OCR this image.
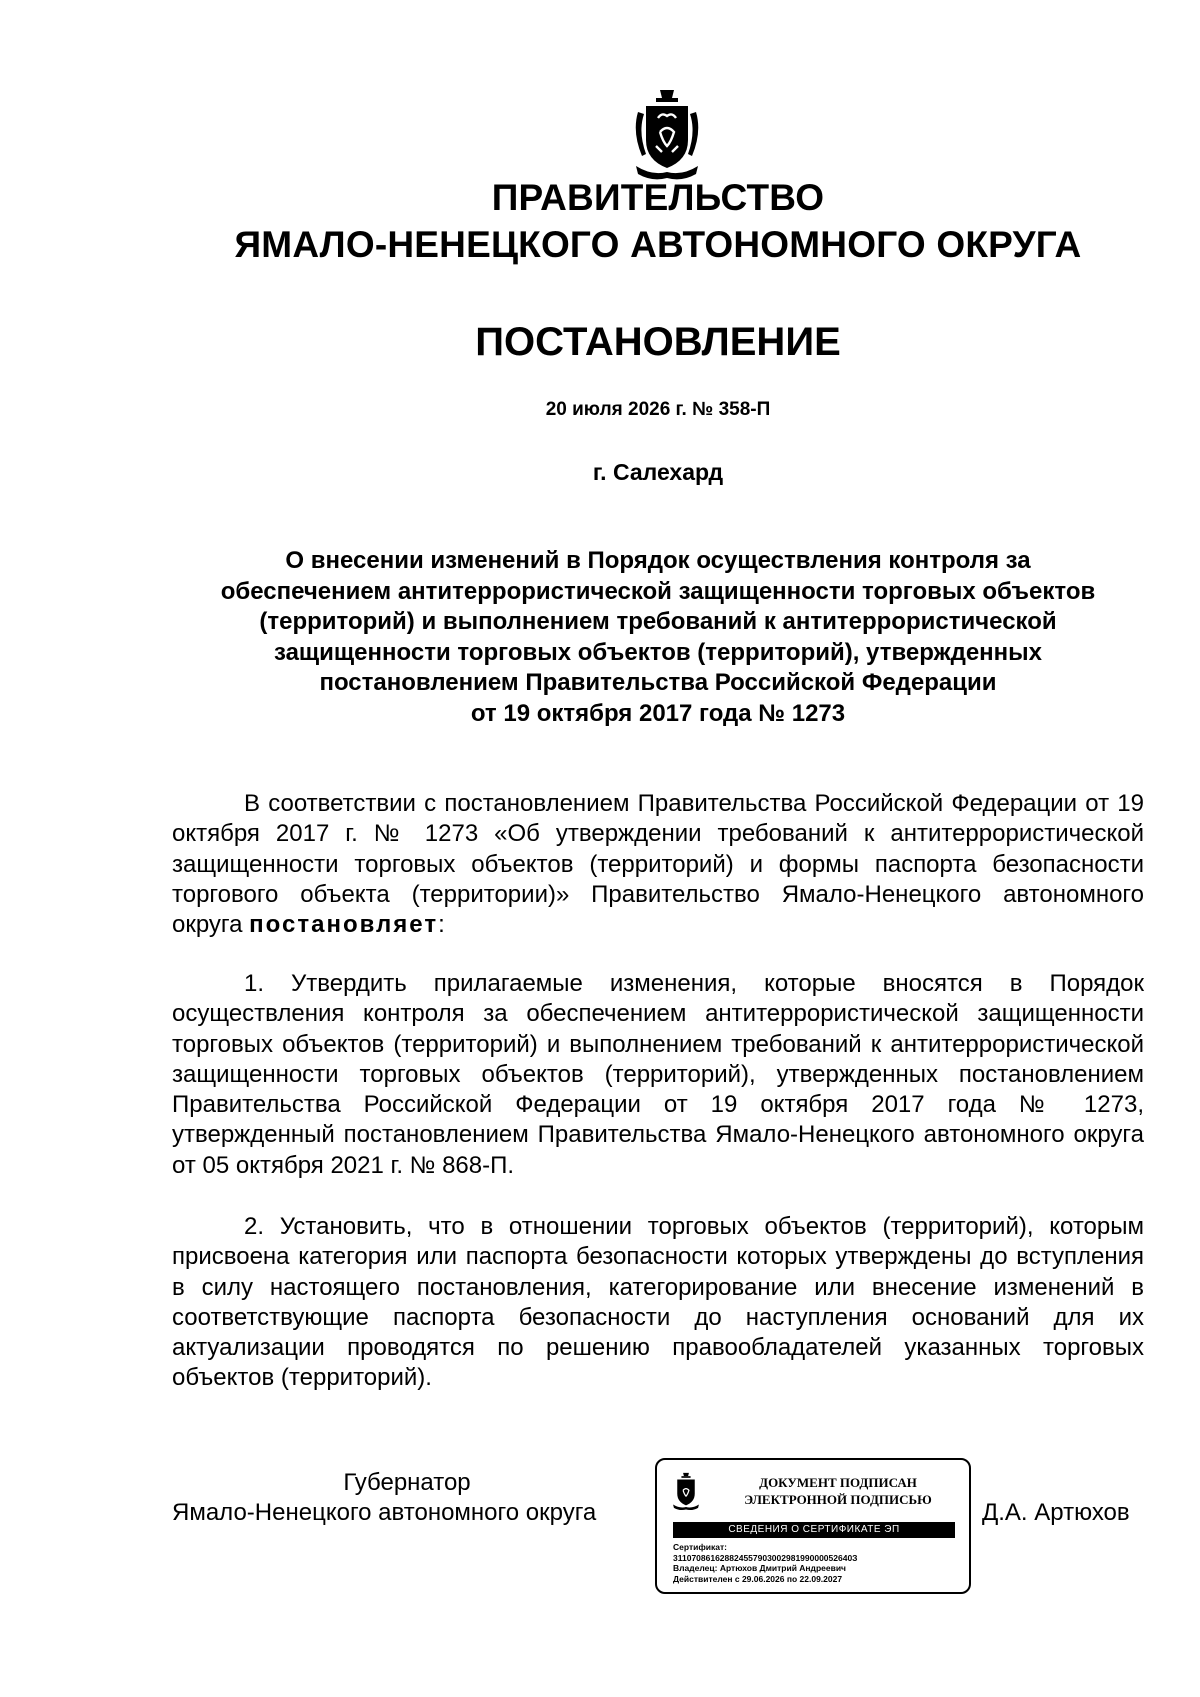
ПРАВИТЕЛЬСТВО
ЯМАЛО-НЕНЕЦКОГО АВТОНОМНОГО ОКРУГА
ПОСТАНОВЛЕНИЕ
20 июля 2026 г. № 358-П
г. Салехард
О внесении изменений в Порядок осуществления контроля за
обеспечением антитеррористической защищенности торговых объектов
(территорий) и выполнением требований к антитеррористической
защищенности торговых объектов (территорий), утвержденных
постановлением Правительства Российской Федерации
от 19 октября 2017 года № 1273

В соответствии с постановлением Правительства Российской Федерации от 19 октября 2017 г. № 1273 «Об утверждении требований к антитеррористической защищенности торговых объектов (территорий) и формы паспорта безопасности торгового объекта (территории)» Правительство Ямало-Ненецкого автономного округа постановляет:

1. Утвердить прилагаемые изменения, которые вносятся в Порядок осуществления контроля за обеспечением антитеррористической защищенности торговых объектов (территорий) и выполнением требований к антитеррористической защищенности торговых объектов (территорий), утвержденных постановлением Правительства Российской Федерации от 19 октября 2017 года № 1273, утвержденный постановлением Правительства Ямало-Ненецкого автономного округа от 05 октября 2021 г. № 868-П.

2. Установить, что в отношении торговых объектов (территорий), которым присвоена категория или паспорта безопасности которых утверждены до вступления в силу настоящего постановления, категорирование или внесение изменений в соответствующие паспорта безопасности до наступления оснований для их актуализации проводятся по решению правообладателей указанных торговых объектов (территорий).

Губернатор
Ямало-Ненецкого автономного округа
ДОКУМЕНТ ПОДПИСАН
ЭЛЕКТРОННОЙ ПОДПИСЬЮ
СВЕДЕНИЯ О СЕРТИФИКАТЕ ЭП
Сертификат:
31107086162882455790300298199000052640З
Владелец: Артюхов Дмитрий Андреевич
Действителен с 29.06.2026 по 22.09.2027
Д.А. Артюхов
